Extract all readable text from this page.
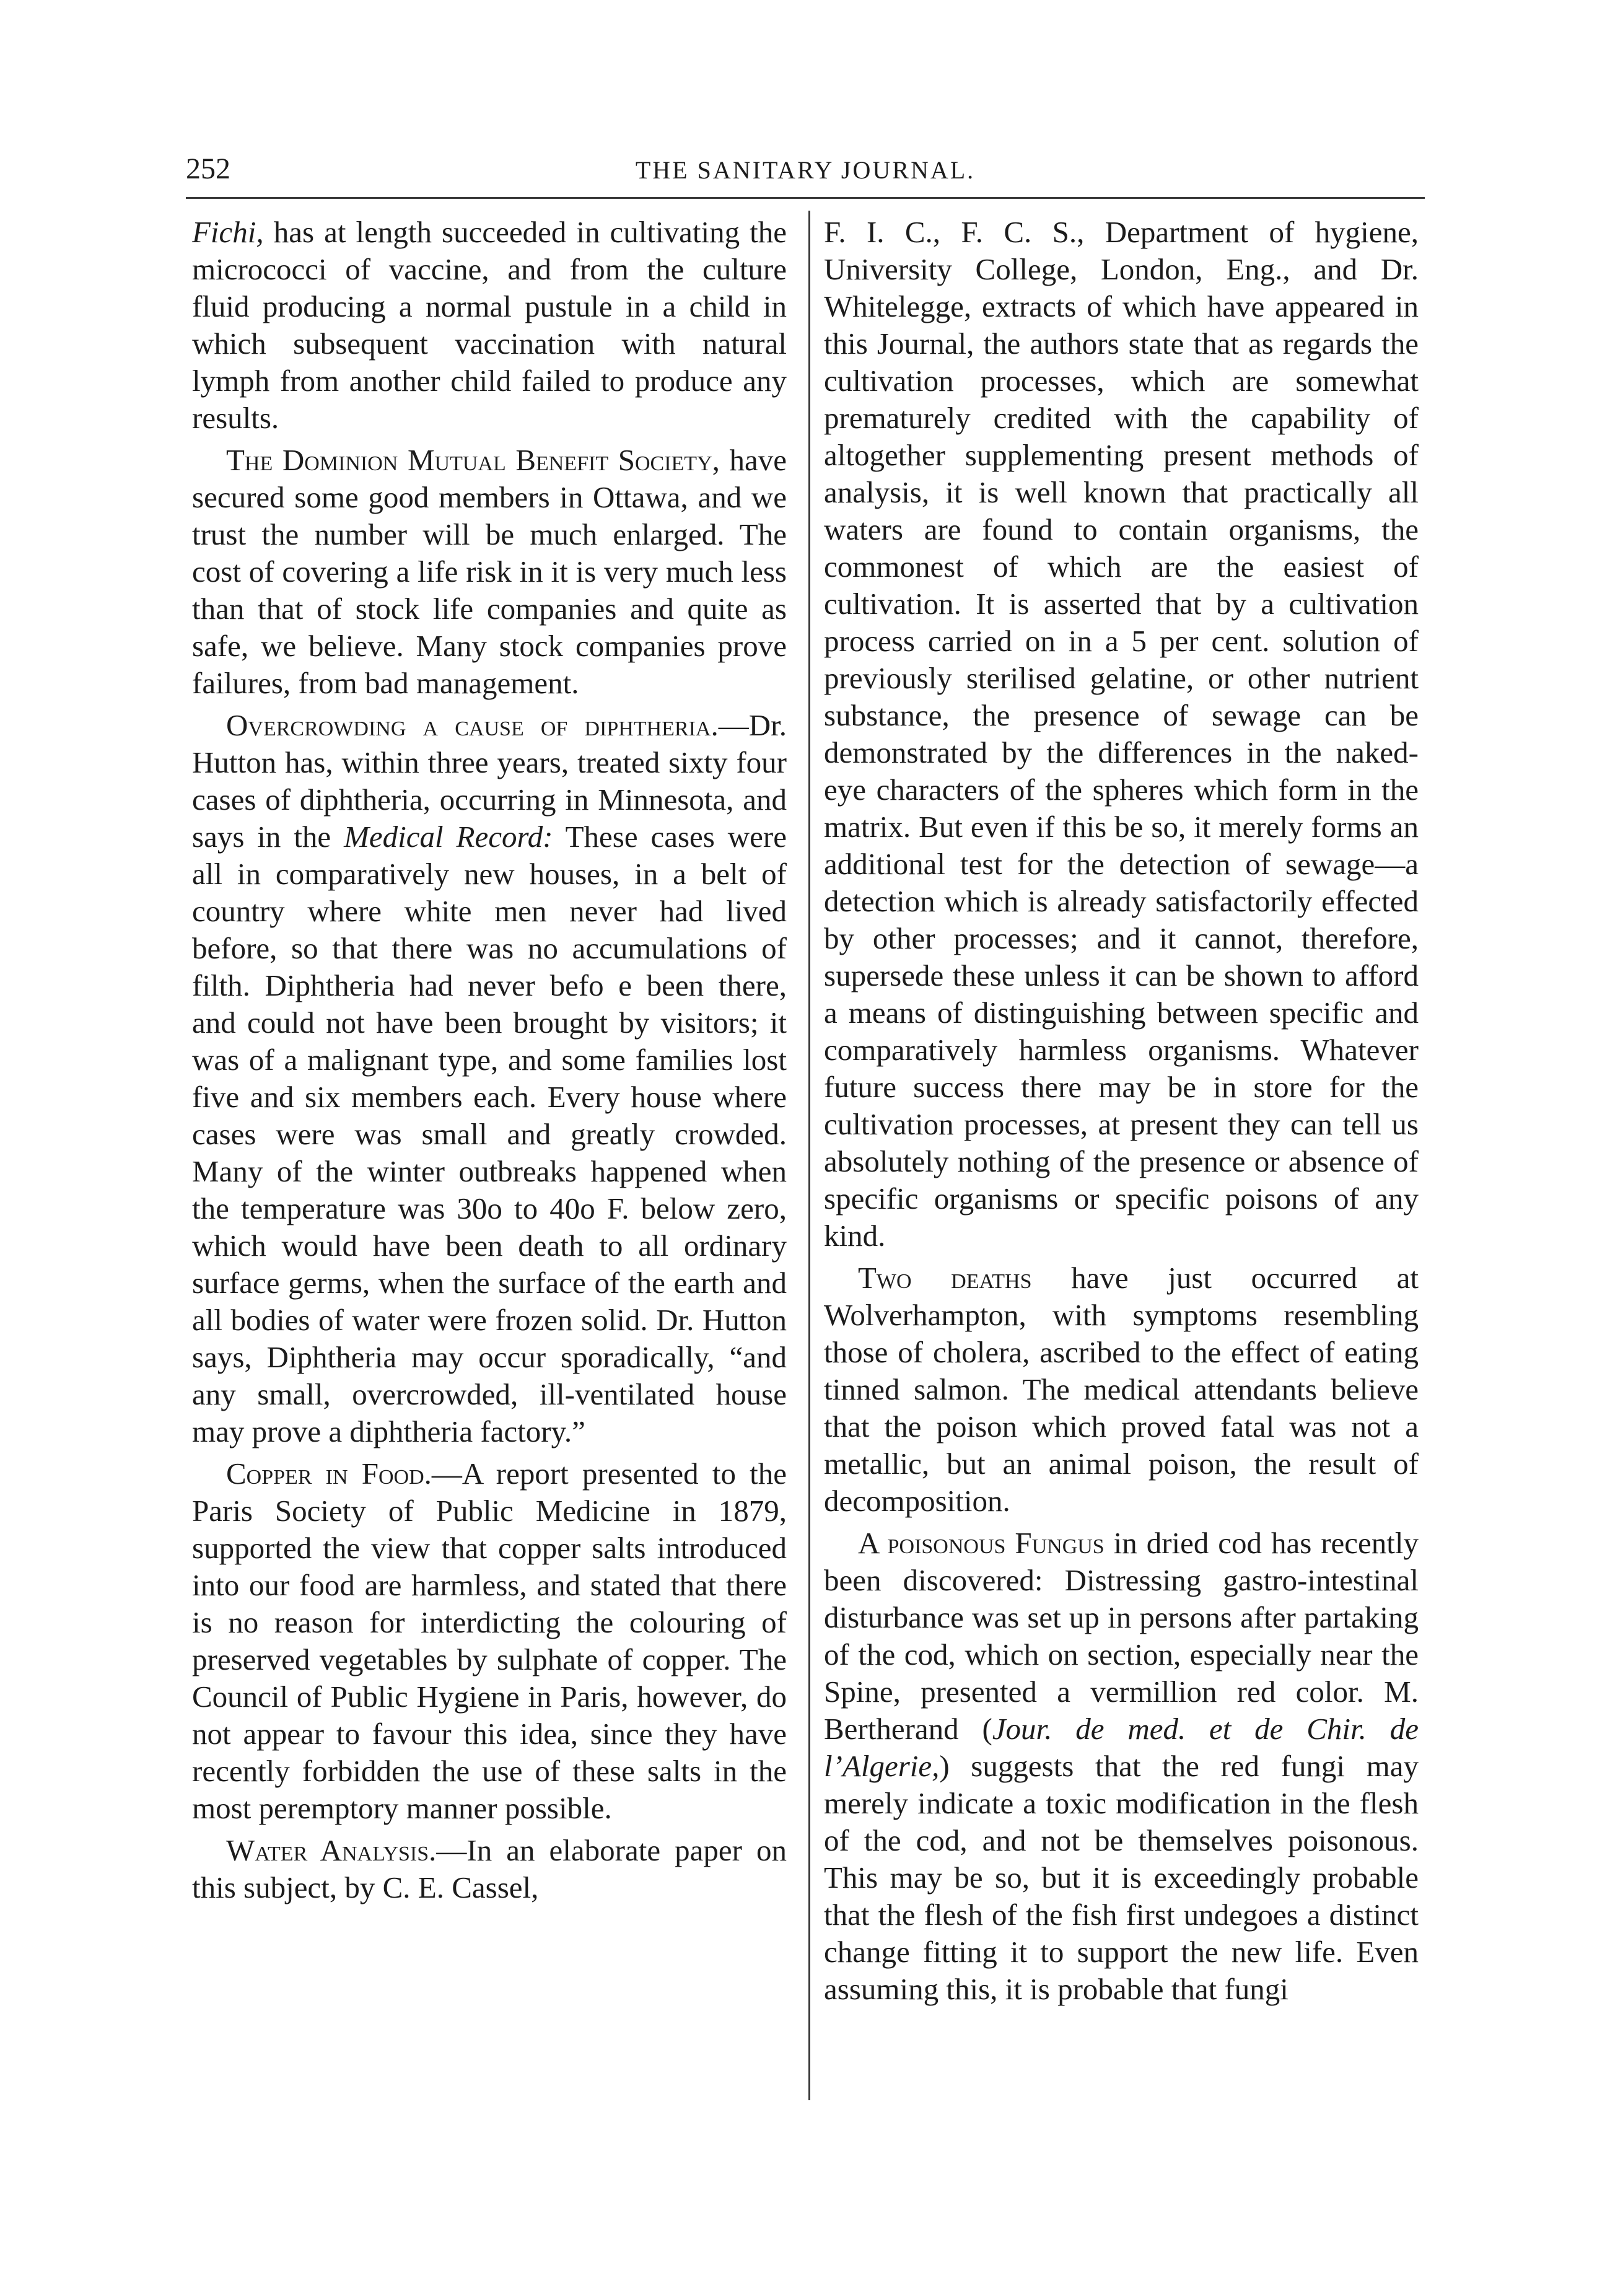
252	THE SANITARY JOURNAL.

Fichi, has at length succeeded in cultivating the micrococci of vaccine, and from the culture fluid producing a normal pustule in a child in which subsequent vaccination with natural lymph from another child failed to produce any results.

The Dominion Mutual Benefit Society, have secured some good members in Ottawa, and we trust the number will be much enlarged. The cost of covering a life risk in it is very much less than that of stock life companies and quite as safe, we believe. Many stock companies prove failures, from bad management.

Overcrowding a cause of diphtheria.—Dr. Hutton has, within three years, treated sixty four cases of diphtheria, occurring in Minnesota, and says in the Medical Record: These cases were all in comparatively new houses, in a belt of country where white men never had lived before, so that there was no accumulations of filth. Diphtheria had never befo e been there, and could not have been brought by visitors; it was of a malignant type, and some families lost five and six members each. Every house where cases were was small and greatly crowded. Many of the winter outbreaks happened when the temperature was 30o to 40o F. below zero, which would have been death to all ordinary surface germs, when the surface of the earth and all bodies of water were frozen solid. Dr. Hutton says, Diphtheria may occur sporadically, “and any small, overcrowded, ill-ventilated house may prove a diphtheria factory.”

Copper in Food.—A report presented to the Paris Society of Public Medicine in 1879, supported the view that copper salts introduced into our food are harmless, and stated that there is no reason for interdicting the colouring of preserved vegetables by sulphate of copper. The Council of Public Hygiene in Paris, however, do not appear to favour this idea, since they have recently forbidden the use of these salts in the most peremptory manner possible.

Water Analysis.—In an elaborate paper on this subject, by C. E. Cassel,

F. I. C., F. C. S., Department of hygiene, University College, London, Eng., and Dr. Whitelegge, extracts of which have appeared in this Journal, the authors state that as regards the cultivation processes, which are somewhat prematurely credited with the capability of altogether supplementing present methods of analysis, it is well known that practically all waters are found to contain organisms, the commonest of which are the easiest of cultivation. It is asserted that by a cultivation process carried on in a 5 per cent. solution of previously sterilised gelatine, or other nutrient substance, the presence of sewage can be demonstrated by the differences in the naked-eye characters of the spheres which form in the matrix. But even if this be so, it merely forms an additional test for the detection of sewage—a detection which is already satisfactorily effected by other processes; and it cannot, therefore, supersede these unless it can be shown to afford a means of distinguishing between specific and comparatively harmless organisms. Whatever future success there may be in store for the cultivation processes, at present they can tell us absolutely nothing of the presence or absence of specific organisms or specific poisons of any kind.

Two deaths have just occurred at Wolverhampton, with symptoms resembling those of cholera, ascribed to the effect of eating tinned salmon. The medical attendants believe that the poison which proved fatal was not a metallic, but an animal poison, the result of decomposition.

A poisonous Fungus in dried cod has recently been discovered: Distressing gastro-intestinal disturbance was set up in persons after partaking of the cod, which on section, especially near the Spine, presented a vermillion red color. M. Bertherand (Jour. de med. et de Chir. de l’Algerie,) suggests that the red fungi may merely indicate a toxic modification in the flesh of the cod, and not be themselves poisonous. This may be so, but it is exceedingly probable that the flesh of the fish first undegoes a distinct change fitting it to support the new life. Even assuming this, it is probable that fungi
